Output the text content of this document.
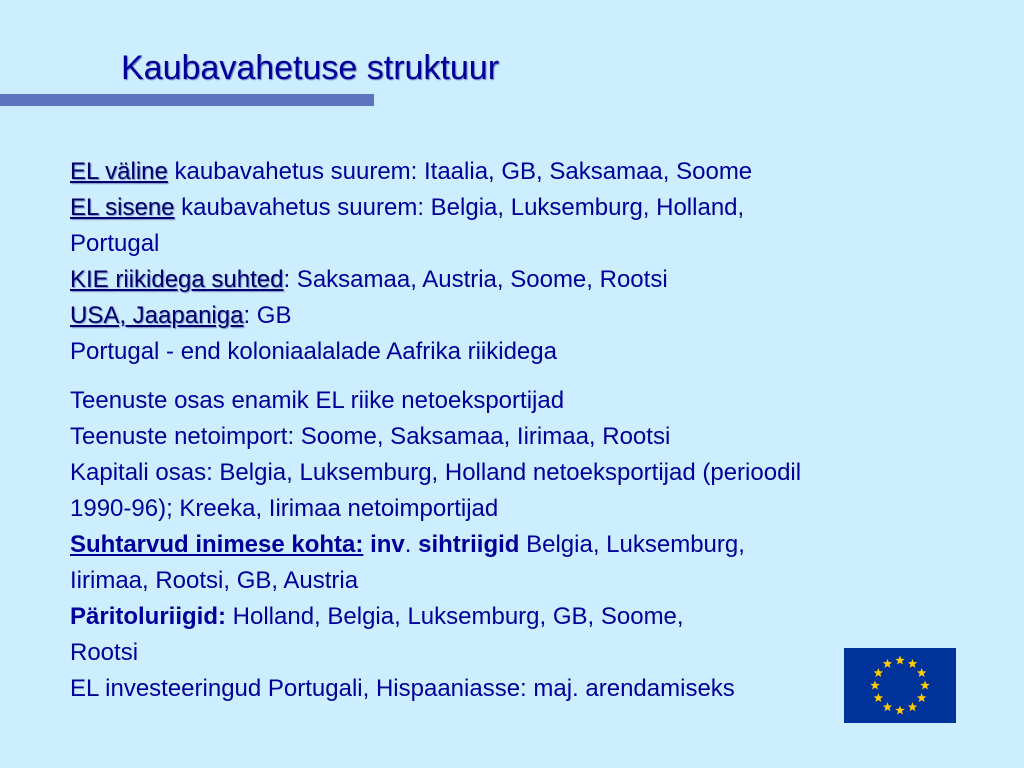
Kaubavahetuse struktuur
EL väline kaubavahetus suurem: Itaalia, GB, Saksamaa, Soome
EL sisene kaubavahetus suurem: Belgia, Luksemburg, Holland,
Portugal
KIE riikidega suhted: Saksamaa, Austria, Soome, Rootsi
USA, Jaapaniga: GB
Portugal - end koloniaalalade Aafrika riikidega
Teenuste osas enamik EL riike netoeksportijad
Teenuste netoimport: Soome, Saksamaa, Iirimaa, Rootsi
Kapitali osas: Belgia, Luksemburg, Holland netoeksportijad (perioodil
1990-96); Kreeka, Iirimaa netoimportijad
Suhtarvud inimese kohta: inv. sihtriigid Belgia, Luksemburg,
Iirimaa, Rootsi, GB, Austria
Päritoluriigid: Holland, Belgia, Luksemburg, GB, Soome,
Rootsi
EL investeeringud Portugali, Hispaaniasse: maj. arendamiseks
